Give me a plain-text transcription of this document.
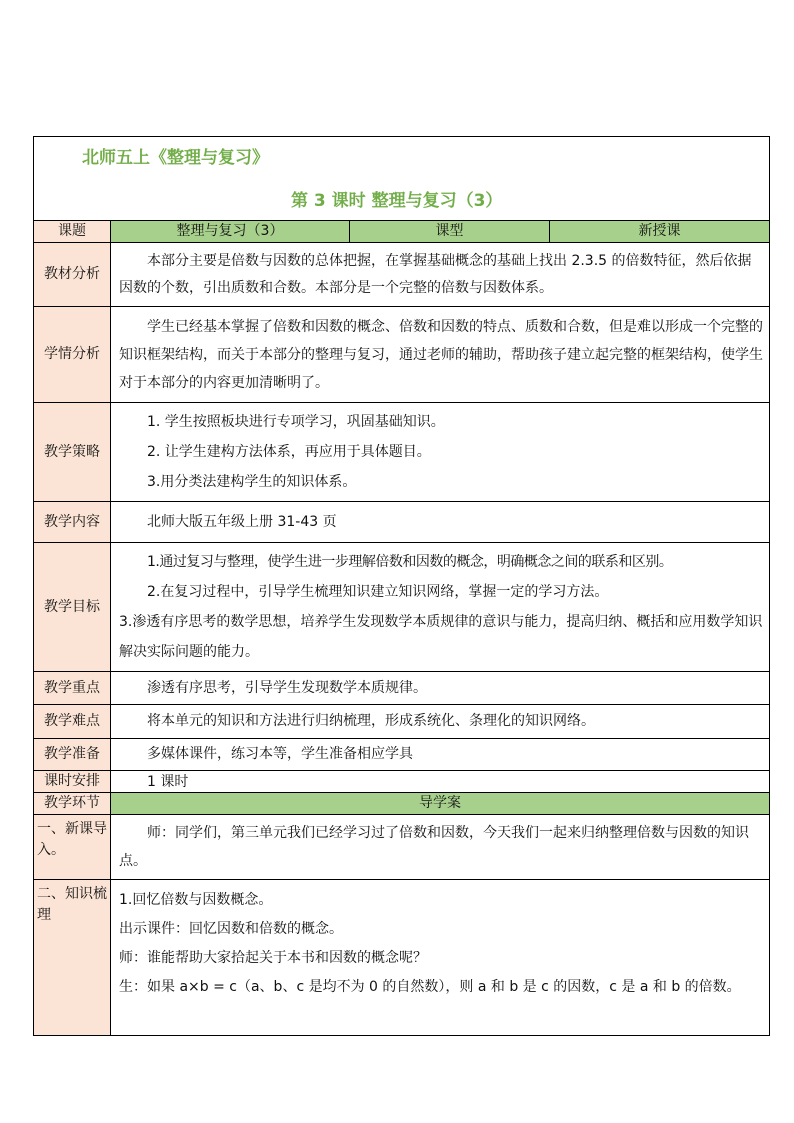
北师五上《整理与复习》
第 3 课时 整理与复习（3）			

课题	整理与复习（3）	课型	新授课
教材分析	本部分主要是倍数与因数的总体把握，在掌握基础概念的基础上找出 2.3.5 的倍数特征，然后依据因数的个数，引出质数和合数。本部分是一个完整的倍数与因数体系。		

学情分析	学生已经基本掌握了倍数和因数的概念、倍数和因数的特点、质数和合数，但是难以形成一个完整的知识框架结构，而关于本部分的整理与复习，通过老师的辅助，帮助孩子建立起完整的框架结构，使学生对于本部分的内容更加清晰明了。		

教学策略	1. 学生按照板块进行专项学习，巩固基础知识。

2. 让学生建构方法体系，再应用于具体题目。

3.用分类法建构学生的知识体系。		

教学内容	北师大版五年级上册 31-43 页		

教学目标	1.通过复习与整理，使学生进一步理解倍数和因数的概念，明确概念之间的联系和区别。

2.在复习过程中，引导学生梳理知识建立知识网络，掌握一定的学习方法。

3.渗透有序思考的数学思想，培养学生发现数学本质规律的意识与能力，提高归纳、概括和应用数学知识解决实际问题的能力。		

教学重点	渗透有序思考，引导学生发现数学本质规律。		

教学难点	将本单元的知识和方法进行归纳梳理，形成系统化、条理化的知识网络。		

教学准备	多媒体课件，练习本等，学生准备相应学具		

课时安排	1 课时		

教学环节	导学案		
一、新课导入。	师：同学们，第三单元我们已经学习过了倍数和因数，今天我们一起来归纳整理倍数与因数的知识点。		

二、知识梳理	1.回忆倍数与因数概念。

出示课件：回忆因数和倍数的概念。

师：谁能帮助大家拾起关于本书和因数的概念呢？

生：如果 a×b = c（a、b、c 是均不为 0 的自然数），则 a 和 b 是 c 的因数，c 是 a 和 b 的倍数。		
